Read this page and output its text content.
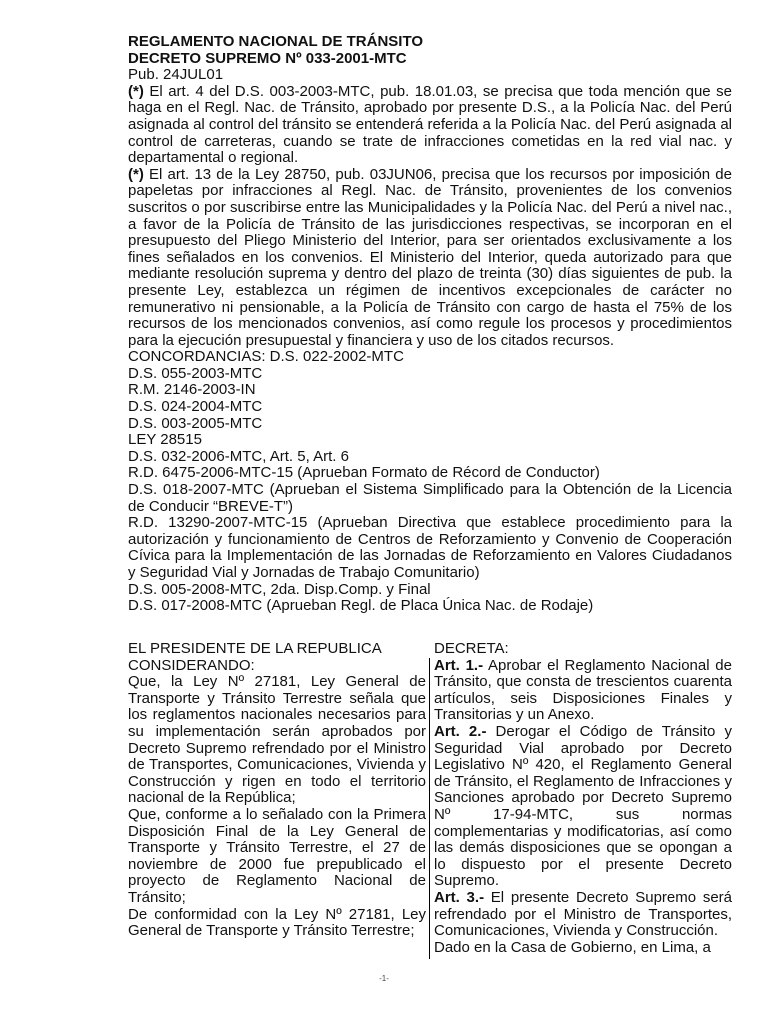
REGLAMENTO NACIONAL DE TRÁNSITO
DECRETO SUPREMO Nº 033-2001-MTC
Pub. 24JUL01

(*) El art. 4 del D.S. 003-2003-MTC, pub. 18.01.03, se precisa que toda mención que se haga en el Regl. Nac. de Tránsito, aprobado por presente D.S., a la Policía Nac. del Perú asignada al control del tránsito se entenderá referida a la Policía Nac. del Perú asignada al control de carreteras, cuando se trate de infracciones cometidas en la red vial nac. y departamental o regional.

(*) El art. 13 de la Ley 28750, pub. 03JUN06, precisa que los recursos por imposición de papeletas por infracciones al Regl. Nac. de Tránsito, provenientes de los convenios suscritos o por suscribirse entre las Municipalidades y la Policía Nac. del Perú a nivel nac., a favor de la Policía de Tránsito de las jurisdicciones respectivas, se incorporan en el presupuesto del Pliego Ministerio del Interior, para ser orientados exclusivamente a los fines señalados en los convenios. El Ministerio del Interior, queda autorizado para que mediante resolución suprema y dentro del plazo de treinta (30) días siguientes de pub. la presente Ley, establezca un régimen de incentivos excepcionales de carácter no remunerativo ni pensionable, a la Policía de Tránsito con cargo de hasta el 75% de los recursos de los mencionados convenios, así como regule los procesos y procedimientos para la ejecución presupuestal y financiera y uso de los citados recursos.

CONCORDANCIAS: D.S. 022-2002-MTC

D.S. 055-2003-MTC

R.M. 2146-2003-IN

D.S. 024-2004-MTC

D.S. 003-2005-MTC

LEY 28515

D.S. 032-2006-MTC, Art. 5, Art. 6

R.D. 6475-2006-MTC-15 (Aprueban Formato de Récord de Conductor)

D.S. 018-2007-MTC (Aprueban el Sistema Simplificado para la Obtención de la Licencia de Conducir “BREVE-T”)

R.D. 13290-2007-MTC-15 (Aprueban Directiva que establece procedimiento para la autorización y funcionamiento de Centros de Reforzamiento y Convenio de Cooperación Cívica para la Implementación de las Jornadas de Reforzamiento en Valores Ciudadanos y Seguridad Vial y Jornadas de Trabajo Comunitario)

D.S. 005-2008-MTC, 2da. Disp.Comp. y Final

D.S. 017-2008-MTC (Aprueban Regl. de Placa Única Nac. de Rodaje)

EL PRESIDENTE DE LA REPUBLICA

CONSIDERANDO:

Que, la Ley Nº 27181, Ley General de Transporte y Tránsito Terrestre señala que los reglamentos nacionales necesarios para su implementación serán aprobados por Decreto Supremo refrendado por el Ministro de Transportes, Comunicaciones, Vivienda y Construcción y rigen en todo el territorio nacional de la República;

Que, conforme a lo señalado con la Primera Disposición Final de la Ley General de Transporte y Tránsito Terrestre, el 27 de noviembre de 2000 fue prepublicado el proyecto de Reglamento Nacional de Tránsito;

De conformidad con la Ley Nº 27181, Ley General de Transporte y Tránsito Terrestre;

DECRETA:

Art. 1.- Aprobar el Reglamento Nacional de Tránsito, que consta de trescientos cuarenta artículos, seis Disposiciones Finales y Transitorias y un Anexo.

Art. 2.- Derogar el Código de Tránsito y Seguridad Vial aprobado por Decreto Legislativo Nº 420, el Reglamento General de Tránsito, el Reglamento de Infracciones y Sanciones aprobado por Decreto Supremo Nº 17-94-MTC, sus normas complementarias y modificatorias, así como las demás disposiciones que se opongan a lo dispuesto por el presente Decreto Supremo.

Art. 3.- El presente Decreto Supremo será refrendado por el Ministro de Transportes, Comunicaciones, Vivienda y Construcción.

Dado en la Casa de Gobierno, en Lima, a

-1-
